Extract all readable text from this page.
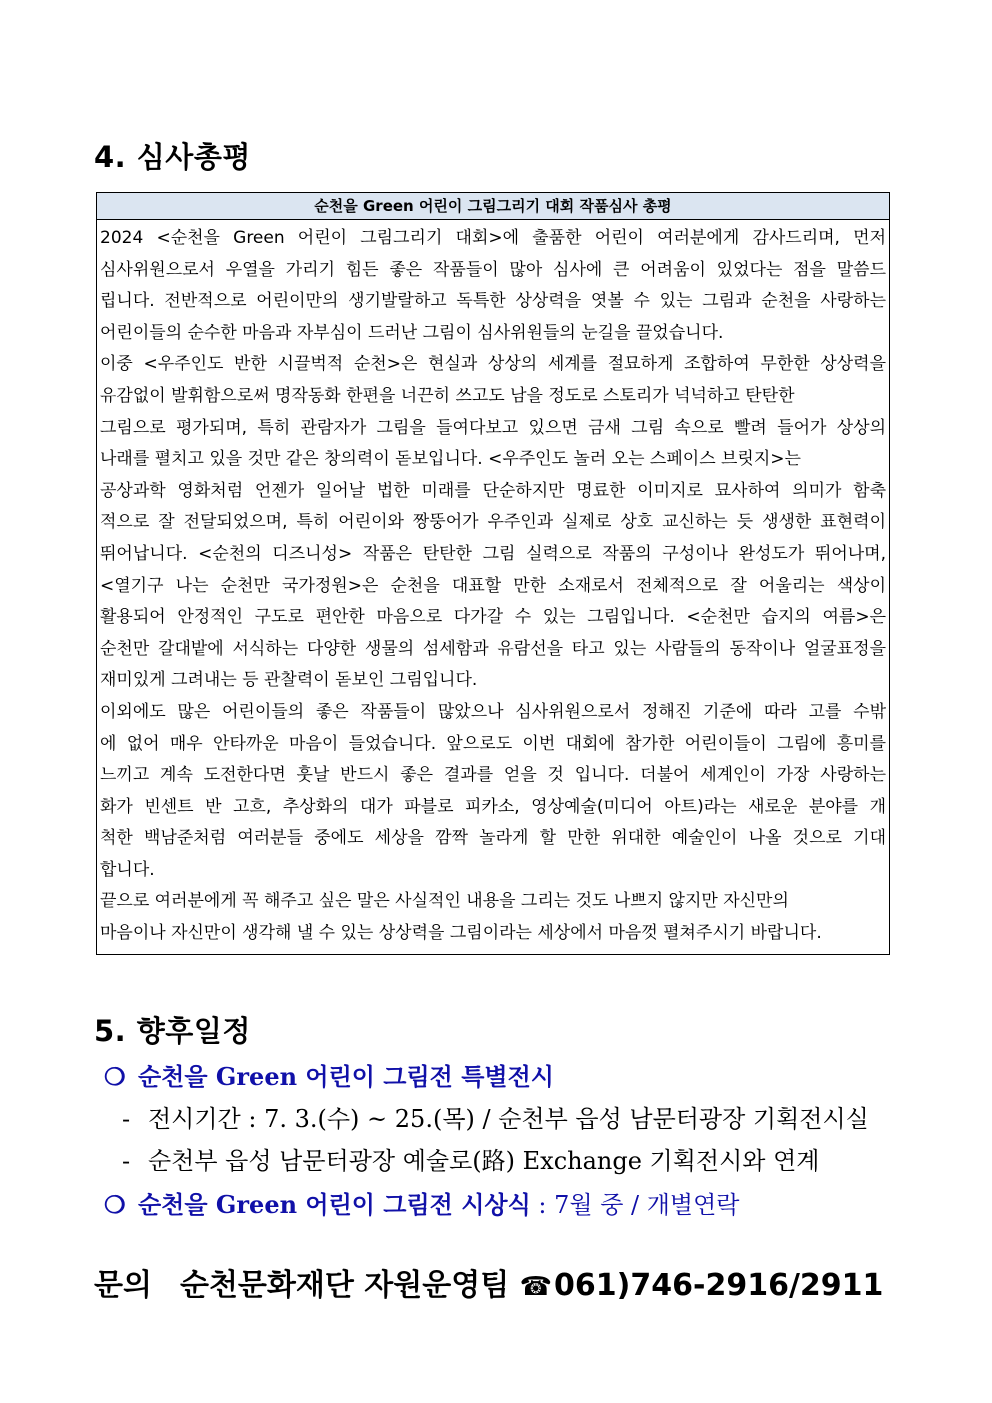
4. 심사총평
순천을 Green 어린이 그림그리기 대회 작품심사 총평
2024 <순천을 Green 어린이 그림그리기 대회>에 출품한 어린이 여러분에게 감사드리며, 먼저
심사위원으로서 우열을 가리기 힘든 좋은 작품들이 많아 심사에 큰 어려움이 있었다는 점을 말씀드
립니다. 전반적으로 어린이만의 생기발랄하고 독특한 상상력을 엿볼 수 있는 그림과 순천을 사랑하는
어린이들의 순수한 마음과 자부심이 드러난 그림이 심사위원들의 눈길을 끌었습니다.
이중 <우주인도 반한 시끌벅적 순천>은 현실과 상상의 세계를 절묘하게 조합하여 무한한 상상력을
유감없이 발휘함으로써 명작동화 한편을 너끈히 쓰고도 남을 정도로 스토리가 넉넉하고 탄탄한
그림으로 평가되며, 특히 관람자가 그림을 들여다보고 있으면 금새 그림 속으로 빨려 들어가 상상의
나래를 펼치고 있을 것만 같은 창의력이 돋보입니다. <우주인도 놀러 오는 스페이스 브릿지>는
공상과학 영화처럼 언젠가 일어날 법한 미래를 단순하지만 명료한 이미지로 묘사하여 의미가 함축
적으로 잘 전달되었으며, 특히 어린이와 짱뚱어가 우주인과 실제로 상호 교신하는 듯 생생한 표현력이
뛰어납니다. <순천의 디즈니성> 작품은 탄탄한 그림 실력으로 작품의 구성이나 완성도가 뛰어나며,
<열기구 나는 순천만 국가정원>은 순천을 대표할 만한 소재로서 전체적으로 잘 어울리는 색상이
활용되어 안정적인 구도로 편안한 마음으로 다가갈 수 있는 그림입니다. <순천만 습지의 여름>은
순천만 갈대밭에 서식하는 다양한 생물의 섬세함과 유람선을 타고 있는 사람들의 동작이나 얼굴표정을
재미있게 그려내는 등 관찰력이 돋보인 그림입니다.
이외에도 많은 어린이들의 좋은 작품들이 많았으나 심사위원으로서 정해진 기준에 따라 고를 수밖
에 없어 매우 안타까운 마음이 들었습니다. 앞으로도 이번 대회에 참가한 어린이들이 그림에 흥미를
느끼고 계속 도전한다면 훗날 반드시 좋은 결과를 얻을 것 입니다. 더불어 세계인이 가장 사랑하는
화가 빈센트 반 고흐, 추상화의 대가 파블로 피카소, 영상예술(미디어 아트)라는 새로운 분야를 개
척한 백남준처럼 여러분들 중에도 세상을 깜짝 놀라게 할 만한 위대한 예술인이 나올 것으로 기대
합니다.
끝으로 여러분에게 꼭 해주고 싶은 말은 사실적인 내용을 그리는 것도 나쁘지 않지만 자신만의
마음이나 자신만이 생각해 낼 수 있는 상상력을 그림이라는 세상에서 마음껏 펼쳐주시기 바랍니다.
5. 향후일정

❍ 순천을 Green 어린이 그림전 특별전시

- 전시기간 : 7. 3.(수) ~ 25.(목) / 순천부 읍성 남문터광장 기획전시실

- 순천부 읍성 남문터광장 예술로(路) Exchange 기획전시와 연계

❍ 순천을 Green 어린이 그림전 시상식 : 7월 중 / 개별연락

문의 순천문화재단 자원운영팀 ☎061)746-2916/2911
